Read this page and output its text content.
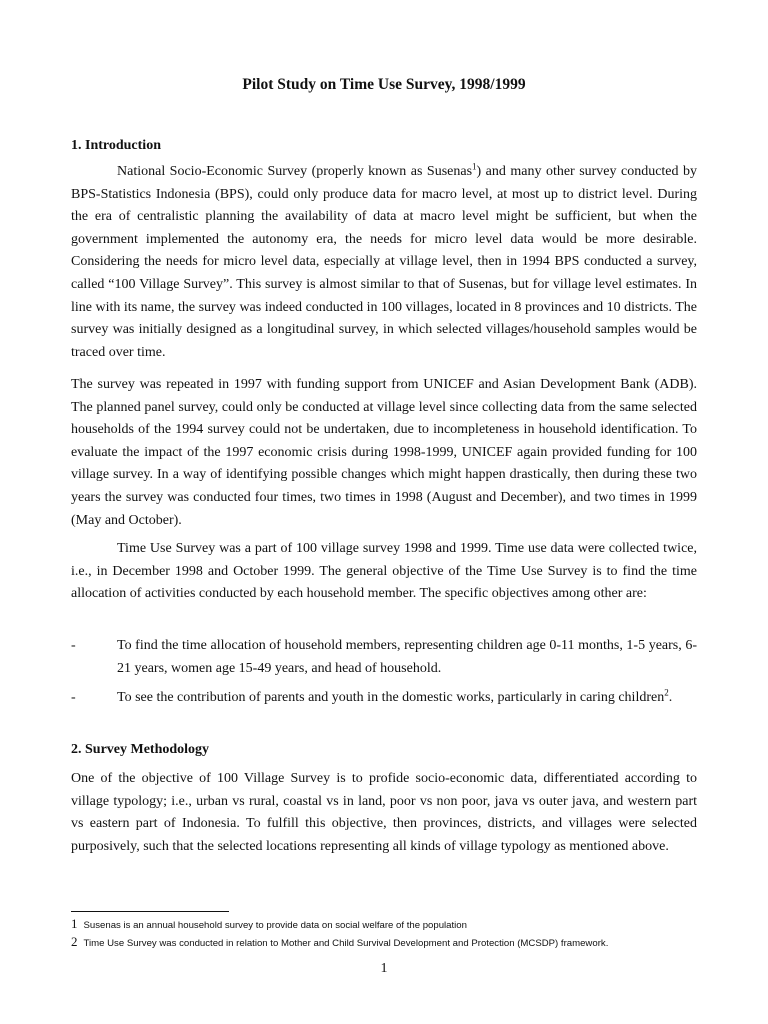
Pilot Study on Time Use Survey, 1998/1999
1. Introduction

National Socio-Economic Survey (properly known as Susenas$^1$) and many other survey conducted by BPS-Statistics Indonesia (BPS), could only produce data for macro level, at most up to district level. During the era of centralistic planning the availability of data at macro level might be sufficient, but when the government implemented the autonomy era, the needs for micro level data would be more desirable. Considering the needs for micro level data, especially at village level, then in 1994 BPS conducted a survey, called “100 Village Survey”. This survey is almost similar to that of Susenas, but for village level estimates. In line with its name, the survey was indeed conducted in 100 villages, located in 8 provinces and 10 districts. The survey was initially designed as a longitudinal survey, in which selected villages/household samples would be traced over time.

The survey was repeated in 1997 with funding support from UNICEF and Asian Development Bank (ADB). The planned panel survey, could only be conducted at village level since collecting data from the same selected households of the 1994 survey could not be undertaken, due to incompleteness in household identification. To evaluate the impact of the 1997 economic crisis during 1998-1999, UNICEF again provided funding for 100 village survey. In a way of identifying possible changes which might happen drastically, then during these two years the survey was conducted four times, two times in 1998 (August and December), and two times in 1999 (May and October).

Time Use Survey was a part of 100 village survey 1998 and 1999. Time use data were collected twice, i.e., in December 1998 and October 1999. The general objective of the Time Use Survey is to find the time allocation of activities conducted by each household member. The specific objectives among other are:

-	To find the time allocation of household members, representing children age 0-11 months, 1-5 years, 6-21 years, women age 15-49 years, and head of household.
-	To see the contribution of parents and youth in the domestic works, particularly in caring children$^2$.
2. Survey Methodology

One of the objective of 100 Village Survey is to profide socio-economic data, differentiated according to village typology; i.e., urban vs rural, coastal vs in land, poor vs non poor, java vs outer java, and western part vs eastern part of Indonesia. To fulfill this objective, then provinces, districts, and villages were selected purposively, such that the selected locations representing all kinds of village typology as mentioned above.

1 Susenas is an annual household survey to provide data on social welfare of the population
2 Time Use Survey was conducted in relation to Mother and Child Survival Development and Protection (MCSDP) framework.
1
